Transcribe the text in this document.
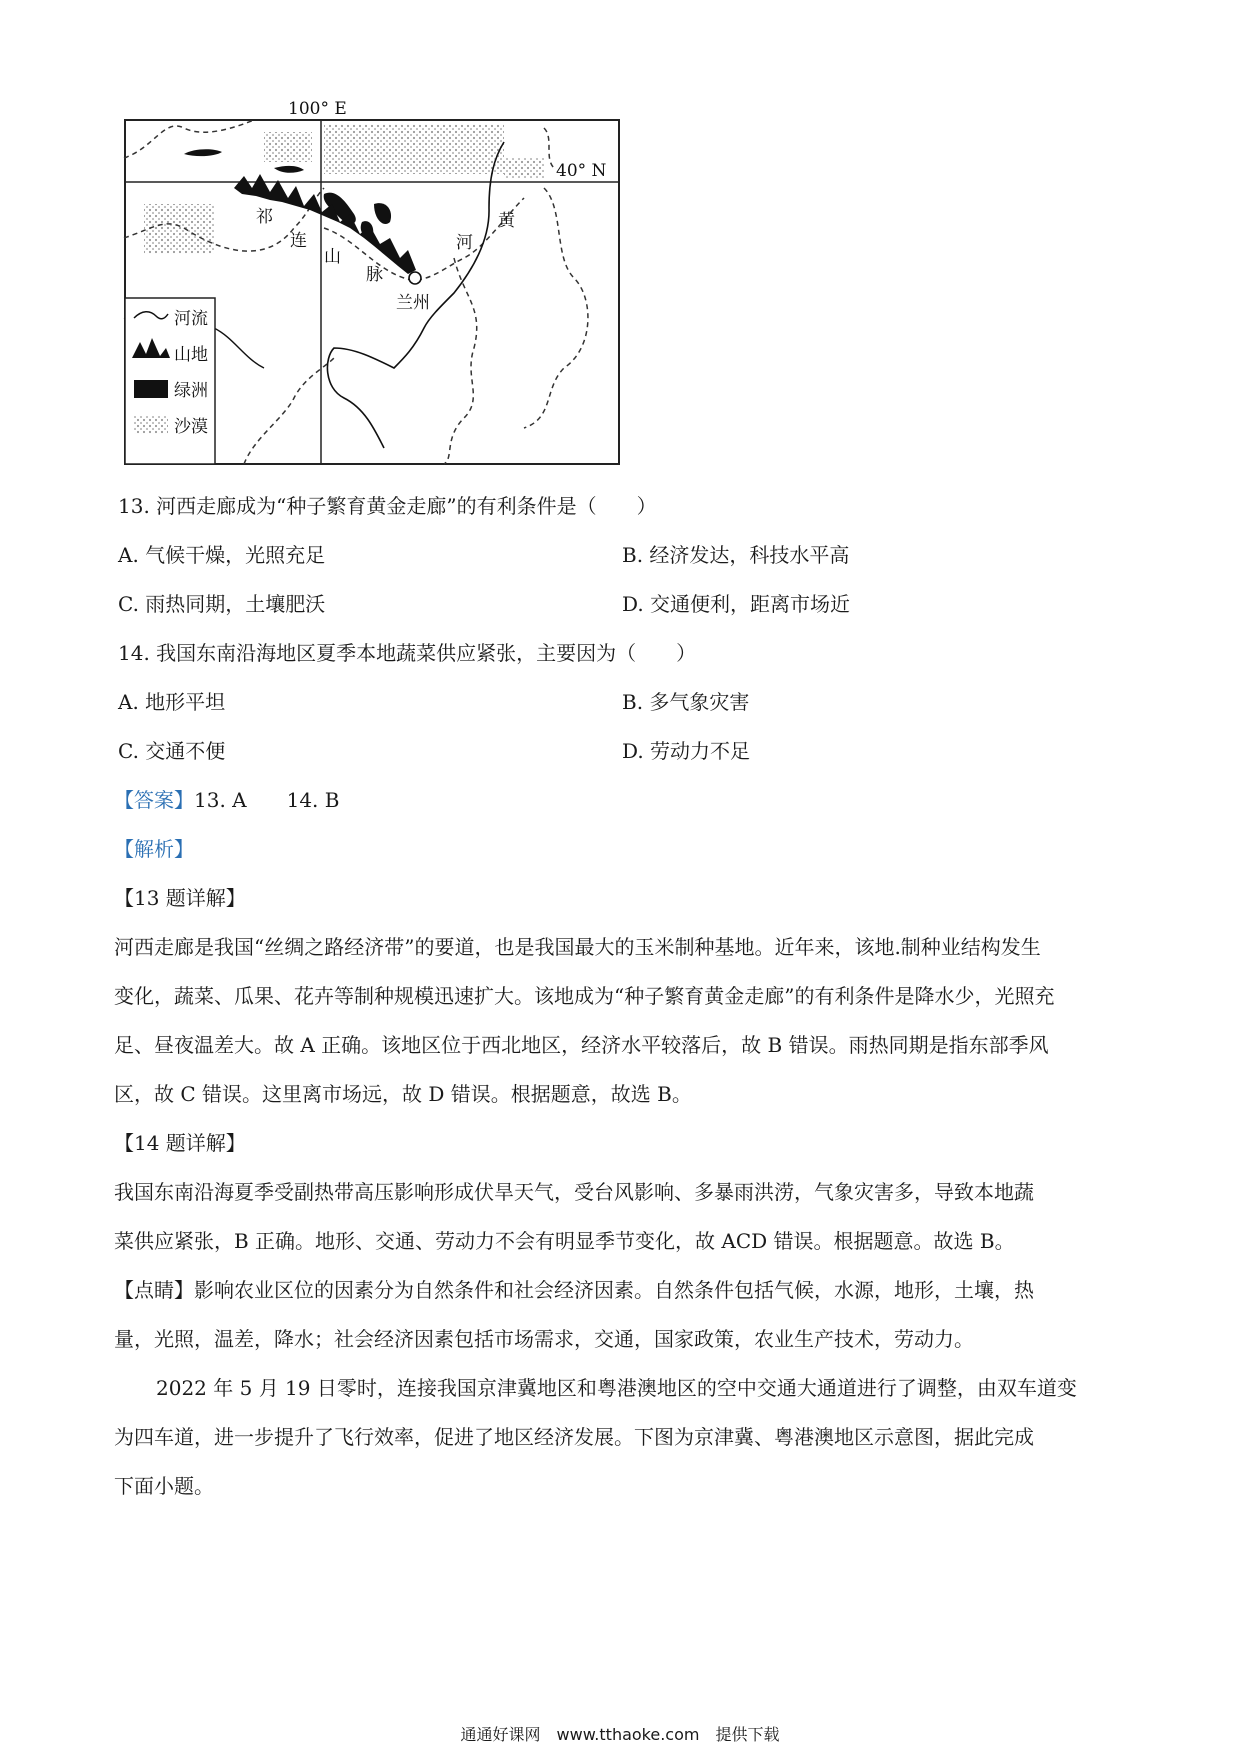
100° E
40° N
祁
连
山
脉
黄
河
兰州
河流
山地
绿洲
沙漠
13. 河西走廊成为“种子繁育黄金走廊”的有利条件是（　　）
A. 气候干燥，光照充足	B. 经济发达，科技水平高
C. 雨热同期，土壤肥沃	D. 交通便利，距离市场近
14. 我国东南沿海地区夏季本地蔬菜供应紧张，主要因为（　　）
A. 地形平坦	B. 多气象灾害
C. 交通不便	D. 劳动力不足
【答案】13. A　　14. B
【解析】
【13 题详解】
河西走廊是我国“丝绸之路经济带”的要道，也是我国最大的玉米制种基地。近年来，该地.制种业结构发生
变化，蔬菜、瓜果、花卉等制种规模迅速扩大。该地成为“种子繁育黄金走廊”的有利条件是降水少，光照充
足、昼夜温差大。故 A 正确。该地区位于西北地区，经济水平较落后，故 B 错误。雨热同期是指东部季风
区，故 C 错误。这里离市场远，故 D 错误。根据题意，故选 B。
【14 题详解】
我国东南沿海夏季受副热带高压影响形成伏旱天气，受台风影响、多暴雨洪涝，气象灾害多，导致本地蔬
菜供应紧张，B 正确。地形、交通、劳动力不会有明显季节变化，故 ACD 错误。根据题意。故选 B。
【点睛】影响农业区位的因素分为自然条件和社会经济因素。自然条件包括气候，水源，地形，土壤，热
量，光照，温差，降水；社会经济因素包括市场需求，交通，国家政策，农业生产技术，劳动力。
2022 年 5 月 19 日零时，连接我国京津冀地区和粤港澳地区的空中交通大通道进行了调整，由双车道变
为四车道，进一步提升了飞行效率，促进了地区经济发展。下图为京津冀、粤港澳地区示意图，据此完成
下面小题。
通通好课网　www.tthaoke.com　提供下载
